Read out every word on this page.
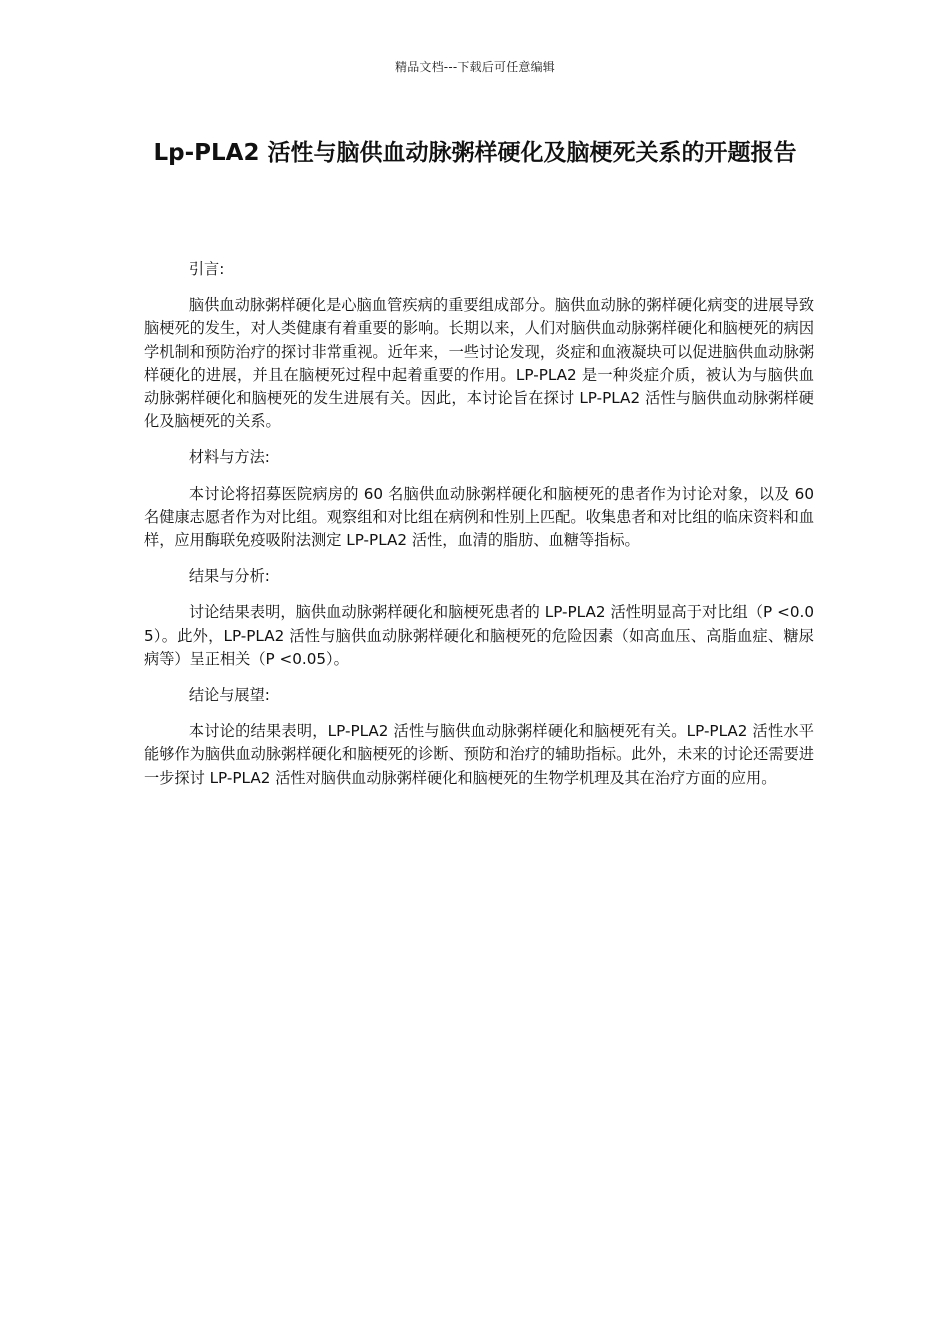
精品文档---下载后可任意编辑
Lp-PLA2 活性与脑供血动脉粥样硬化及脑梗死关系的开题报告

引言:

脑供血动脉粥样硬化是心脑血管疾病的重要组成部分。脑供血动脉的粥样硬化病变的进展导致脑梗死的发生，对人类健康有着重要的影响。长期以来，人们对脑供血动脉粥样硬化和脑梗死的病因学机制和预防治疗的探讨非常重视。近年来，一些讨论发现，炎症和血液凝块可以促进脑供血动脉粥样硬化的进展，并且在脑梗死过程中起着重要的作用。LP-PLA2 是一种炎症介质，被认为与脑供血动脉粥样硬化和脑梗死的发生进展有关。因此，本讨论旨在探讨 LP-PLA2 活性与脑供血动脉粥样硬化及脑梗死的关系。

材料与方法:

本讨论将招募医院病房的 60 名脑供血动脉粥样硬化和脑梗死的患者作为讨论对象，以及 60 名健康志愿者作为对比组。观察组和对比组在病例和性别上匹配。收集患者和对比组的临床资料和血样，应用酶联免疫吸附法测定 LP-PLA2 活性，血清的脂肪、血糖等指标。

结果与分析:

讨论结果表明，脑供血动脉粥样硬化和脑梗死患者的 LP-PLA2 活性明显高于对比组（P <0.05）。此外，LP-PLA2 活性与脑供血动脉粥样硬化和脑梗死的危险因素（如高血压、高脂血症、糖尿病等）呈正相关（P <0.05）。

结论与展望:

本讨论的结果表明，LP-PLA2 活性与脑供血动脉粥样硬化和脑梗死有关。LP-PLA2 活性水平能够作为脑供血动脉粥样硬化和脑梗死的诊断、预防和治疗的辅助指标。此外，未来的讨论还需要进一步探讨 LP-PLA2 活性对脑供血动脉粥样硬化和脑梗死的生物学机理及其在治疗方面的应用。
